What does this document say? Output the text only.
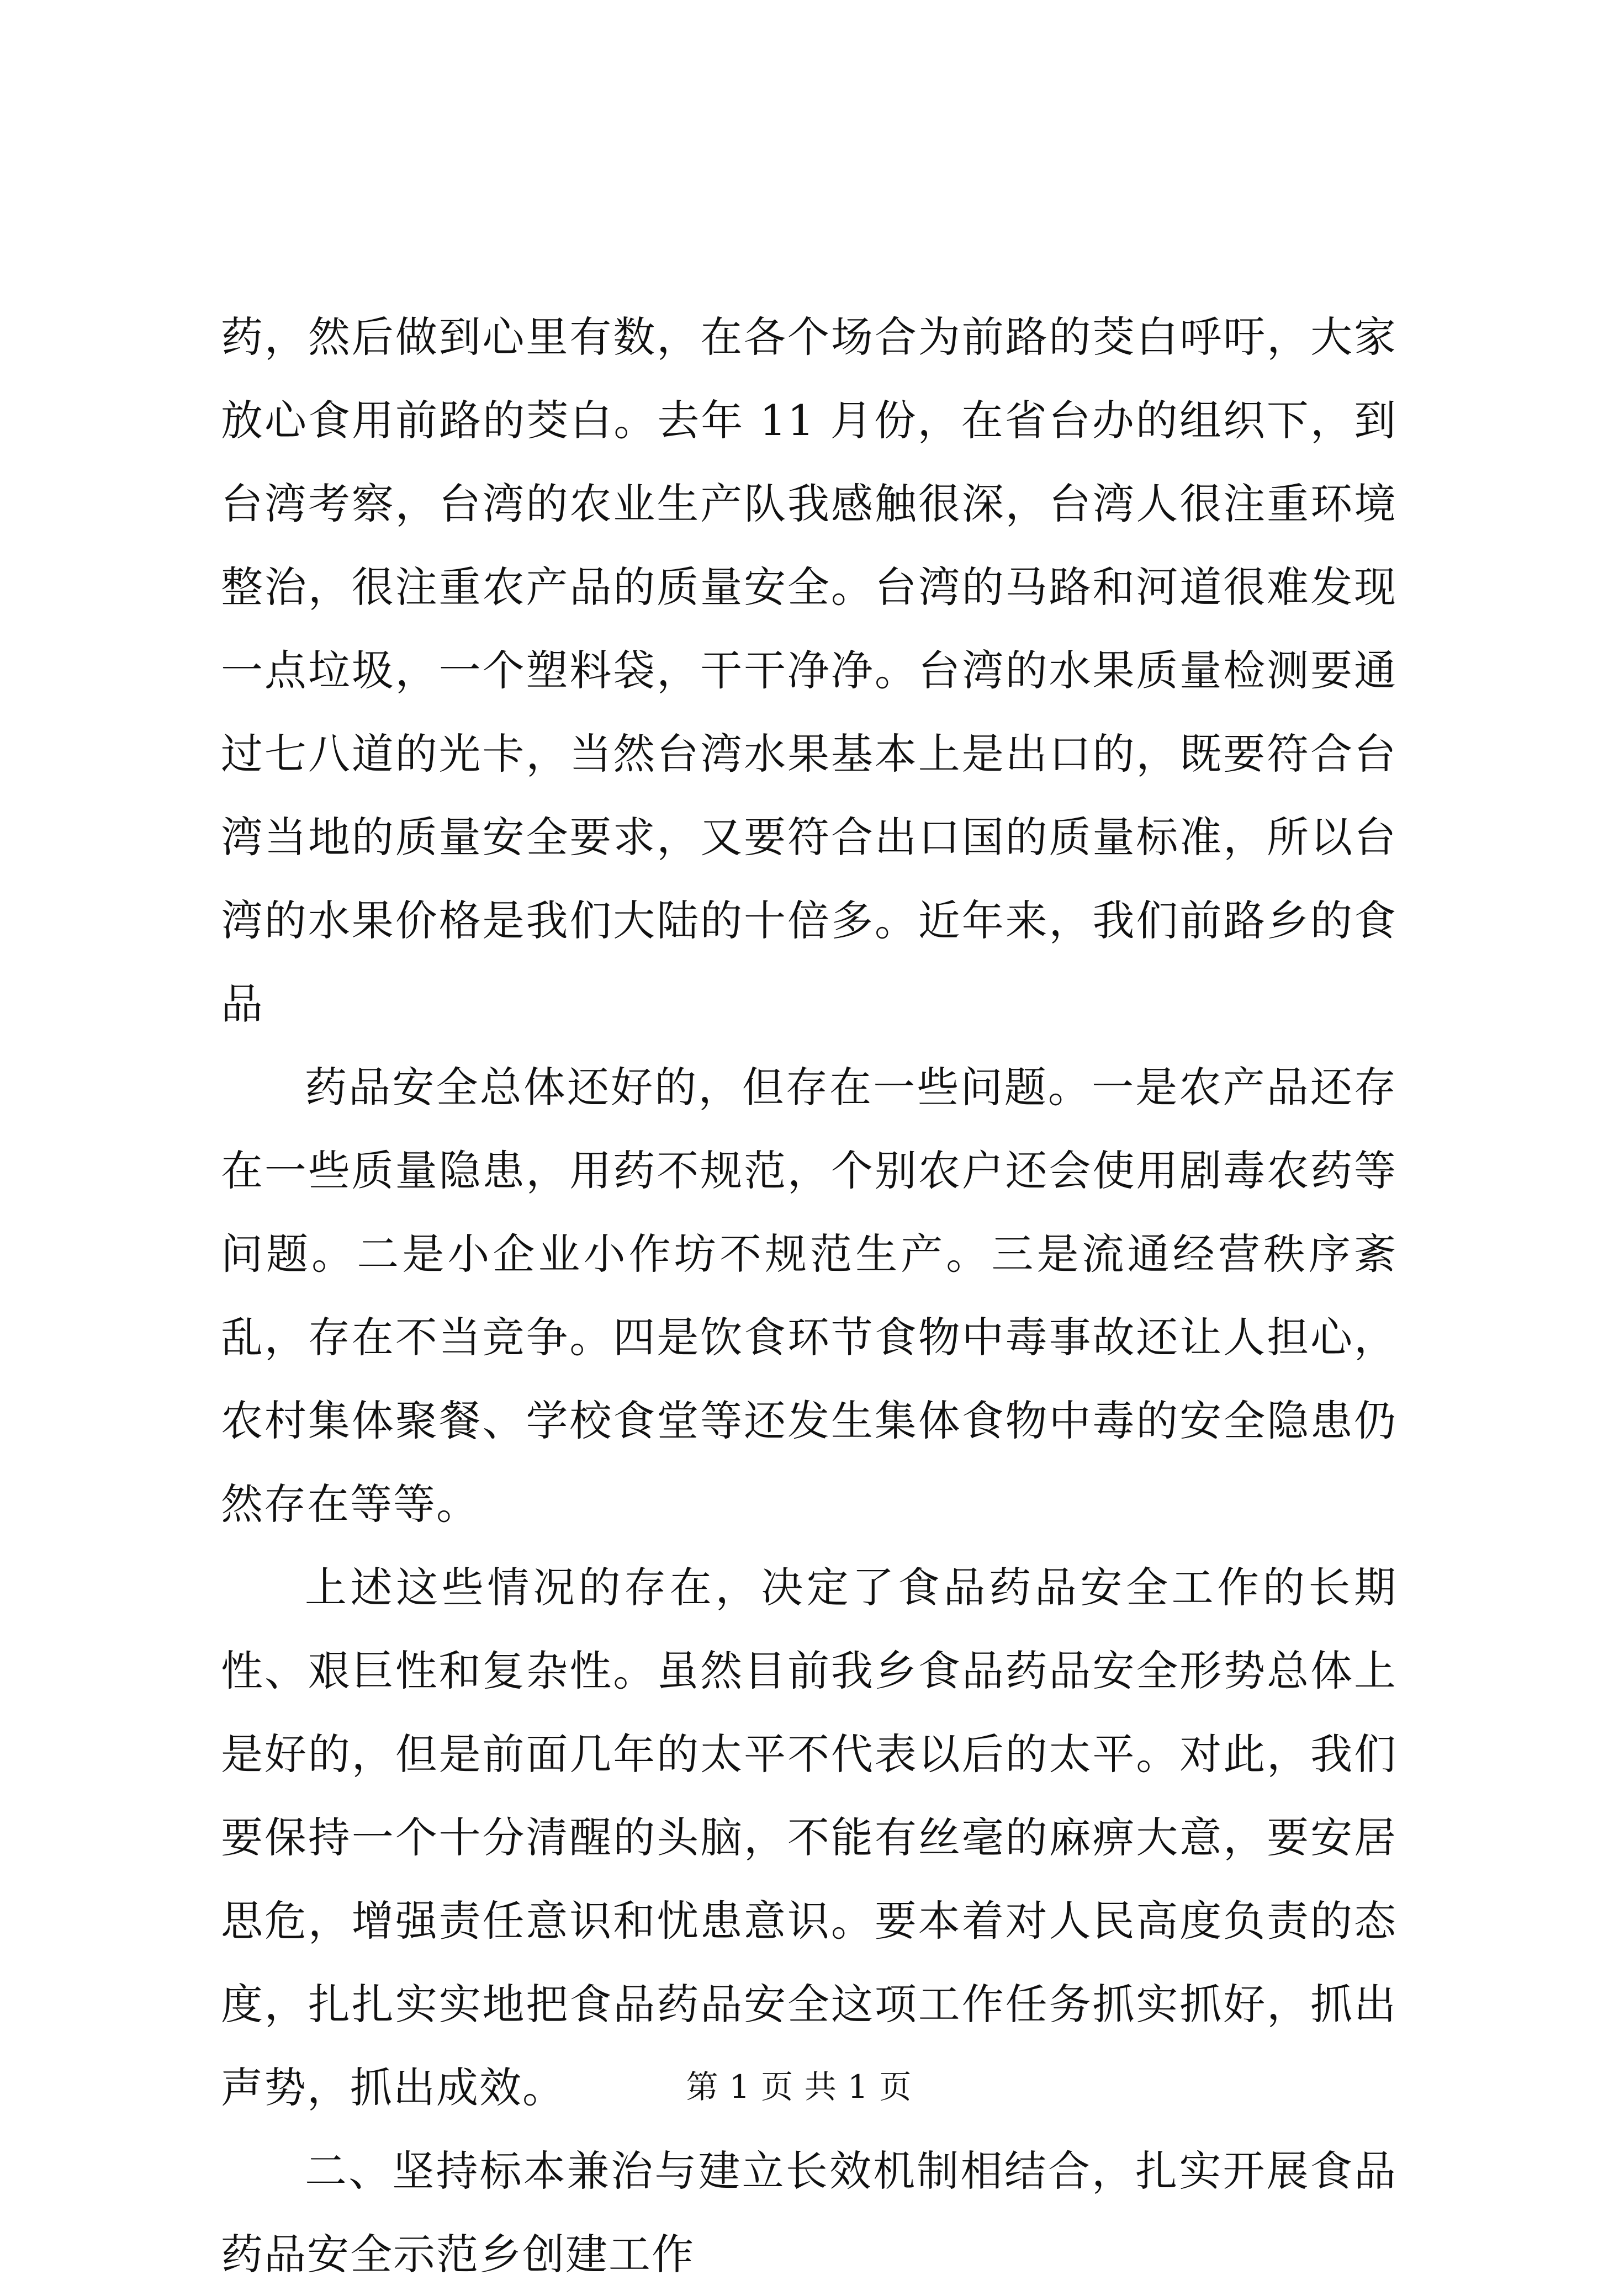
药，然后做到心里有数，在各个场合为前路的茭白呼吁，大家放心食用前路的茭白。去年 11 月份，在省台办的组织下，到台湾考察，台湾的农业生产队我感触很深，台湾人很注重环境整治，很注重农产品的质量安全。台湾的马路和河道很难发现一点垃圾，一个塑料袋，干干净净。台湾的水果质量检测要通过七八道的光卡，当然台湾水果基本上是出口的，既要符合台湾当地的质量安全要求，又要符合出口国的质量标准，所以台湾的水果价格是我们大陆的十倍多。近年来，我们前路乡的食品

药品安全总体还好的，但存在一些问题。一是农产品还存在一些质量隐患，用药不规范，个别农户还会使用剧毒农药等问题。二是小企业小作坊不规范生产。三是流通经营秩序紊乱，存在不当竞争。四是饮食环节食物中毒事故还让人担心，农村集体聚餐、学校食堂等还发生集体食物中毒的安全隐患仍然存在等等。

上述这些情况的存在，决定了食品药品安全工作的长期性、艰巨性和复杂性。虽然目前我乡食品药品安全形势总体上是好的，但是前面几年的太平不代表以后的太平。对此，我们要保持一个十分清醒的头脑，不能有丝毫的麻痹大意，要安居思危，增强责任意识和忧患意识。要本着对人民高度负责的态度，扎扎实实地把食品药品安全这项工作任务抓实抓好，抓出声势，抓出成效。

二、坚持标本兼治与建立长效机制相结合，扎实开展食品药品安全示范乡创建工作

第 1 页 共 1 页
